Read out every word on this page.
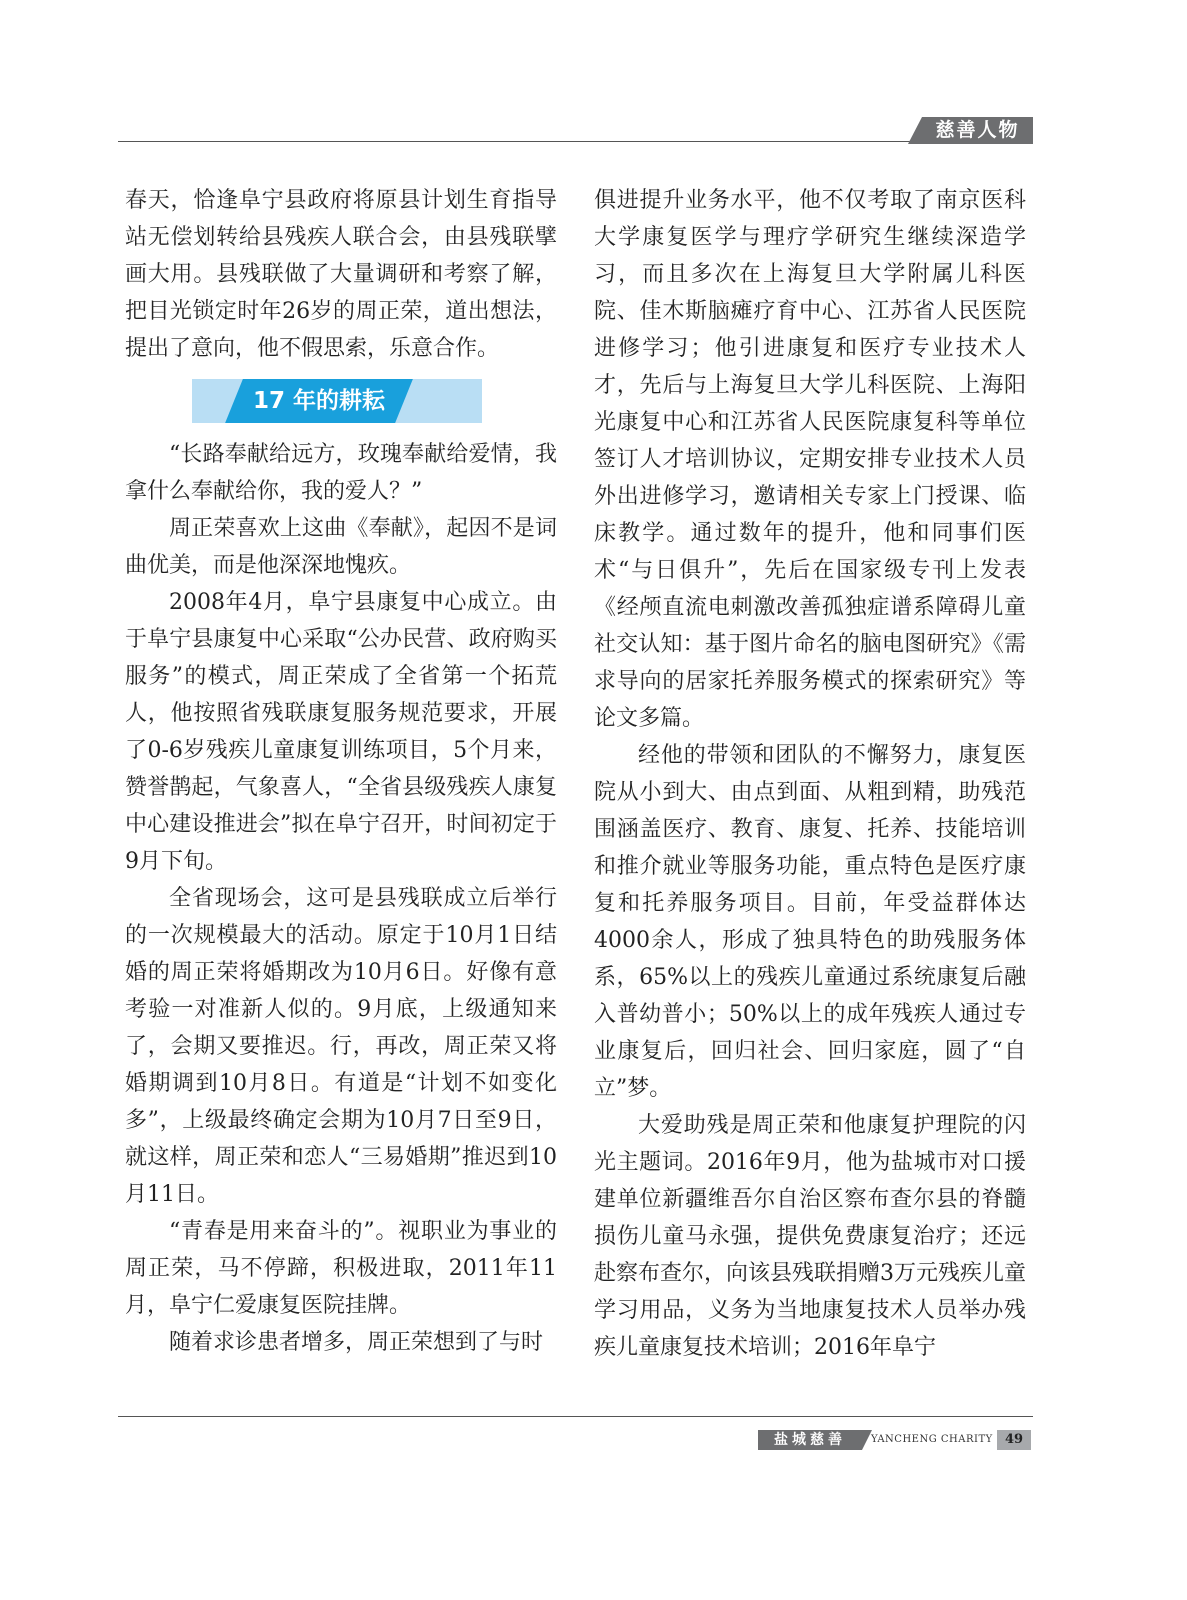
慈善人物

春天，恰逢阜宁县政府将原县计划生育指导站无偿划转给县残疾人联合会，由县残联擘画大用。县残联做了大量调研和考察了解，把目光锁定时年26岁的周正荣，道出想法，提出了意向，他不假思索，乐意合作。

17 年的耕耘

“长路奉献给远方，玫瑰奉献给爱情，我拿什么奉献给你，我的爱人？”

周正荣喜欢上这曲《奉献》，起因不是词曲优美，而是他深深地愧疚。

2008年4月，阜宁县康复中心成立。由于阜宁县康复中心采取“公办民营、政府购买服务”的模式，周正荣成了全省第一个拓荒人，他按照省残联康复服务规范要求，开展了0-6岁残疾儿童康复训练项目，5个月来，赞誉鹊起，气象喜人，“全省县级残疾人康复中心建设推进会”拟在阜宁召开，时间初定于9月下旬。

全省现场会，这可是县残联成立后举行的一次规模最大的活动。原定于10月1日结婚的周正荣将婚期改为10月6日。好像有意考验一对准新人似的。9月底，上级通知来了，会期又要推迟。行，再改，周正荣又将婚期调到10月8日。有道是“计划不如变化多”，上级最终确定会期为10月7日至9日，就这样，周正荣和恋人“三易婚期”推迟到10月11日。

“青春是用来奋斗的”。视职业为事业的周正荣，马不停蹄，积极进取，2011年11月，阜宁仁爱康复医院挂牌。

随着求诊患者增多，周正荣想到了与时

俱进提升业务水平，他不仅考取了南京医科大学康复医学与理疗学研究生继续深造学习，而且多次在上海复旦大学附属儿科医院、佳木斯脑瘫疗育中心、江苏省人民医院进修学习；他引进康复和医疗专业技术人才，先后与上海复旦大学儿科医院、上海阳光康复中心和江苏省人民医院康复科等单位签订人才培训协议，定期安排专业技术人员外出进修学习，邀请相关专家上门授课、临床教学。通过数年的提升，他和同事们医术“与日俱升”，先后在国家级专刊上发表《经颅直流电刺激改善孤独症谱系障碍儿童社交认知：基于图片命名的脑电图研究》《需求导向的居家托养服务模式的探索研究》等论文多篇。

经他的带领和团队的不懈努力，康复医院从小到大、由点到面、从粗到精，助残范围涵盖医疗、教育、康复、托养、技能培训和推介就业等服务功能，重点特色是医疗康复和托养服务项目。目前，年受益群体达4000余人，形成了独具特色的助残服务体系，65%以上的残疾儿童通过系统康复后融入普幼普小；50%以上的成年残疾人通过专业康复后，回归社会、回归家庭，圆了“自立”梦。

大爱助残是周正荣和他康复护理院的闪光主题词。2016年9月，他为盐城市对口援建单位新疆维吾尔自治区察布查尔县的脊髓损伤儿童马永强，提供免费康复治疗；还远赴察布查尔，向该县残联捐赠3万元残疾儿童学习用品，义务为当地康复技术人员举办残疾儿童康复技术培训；2016年阜宁

盐城慈善	YANCHENG CHARITY 49
